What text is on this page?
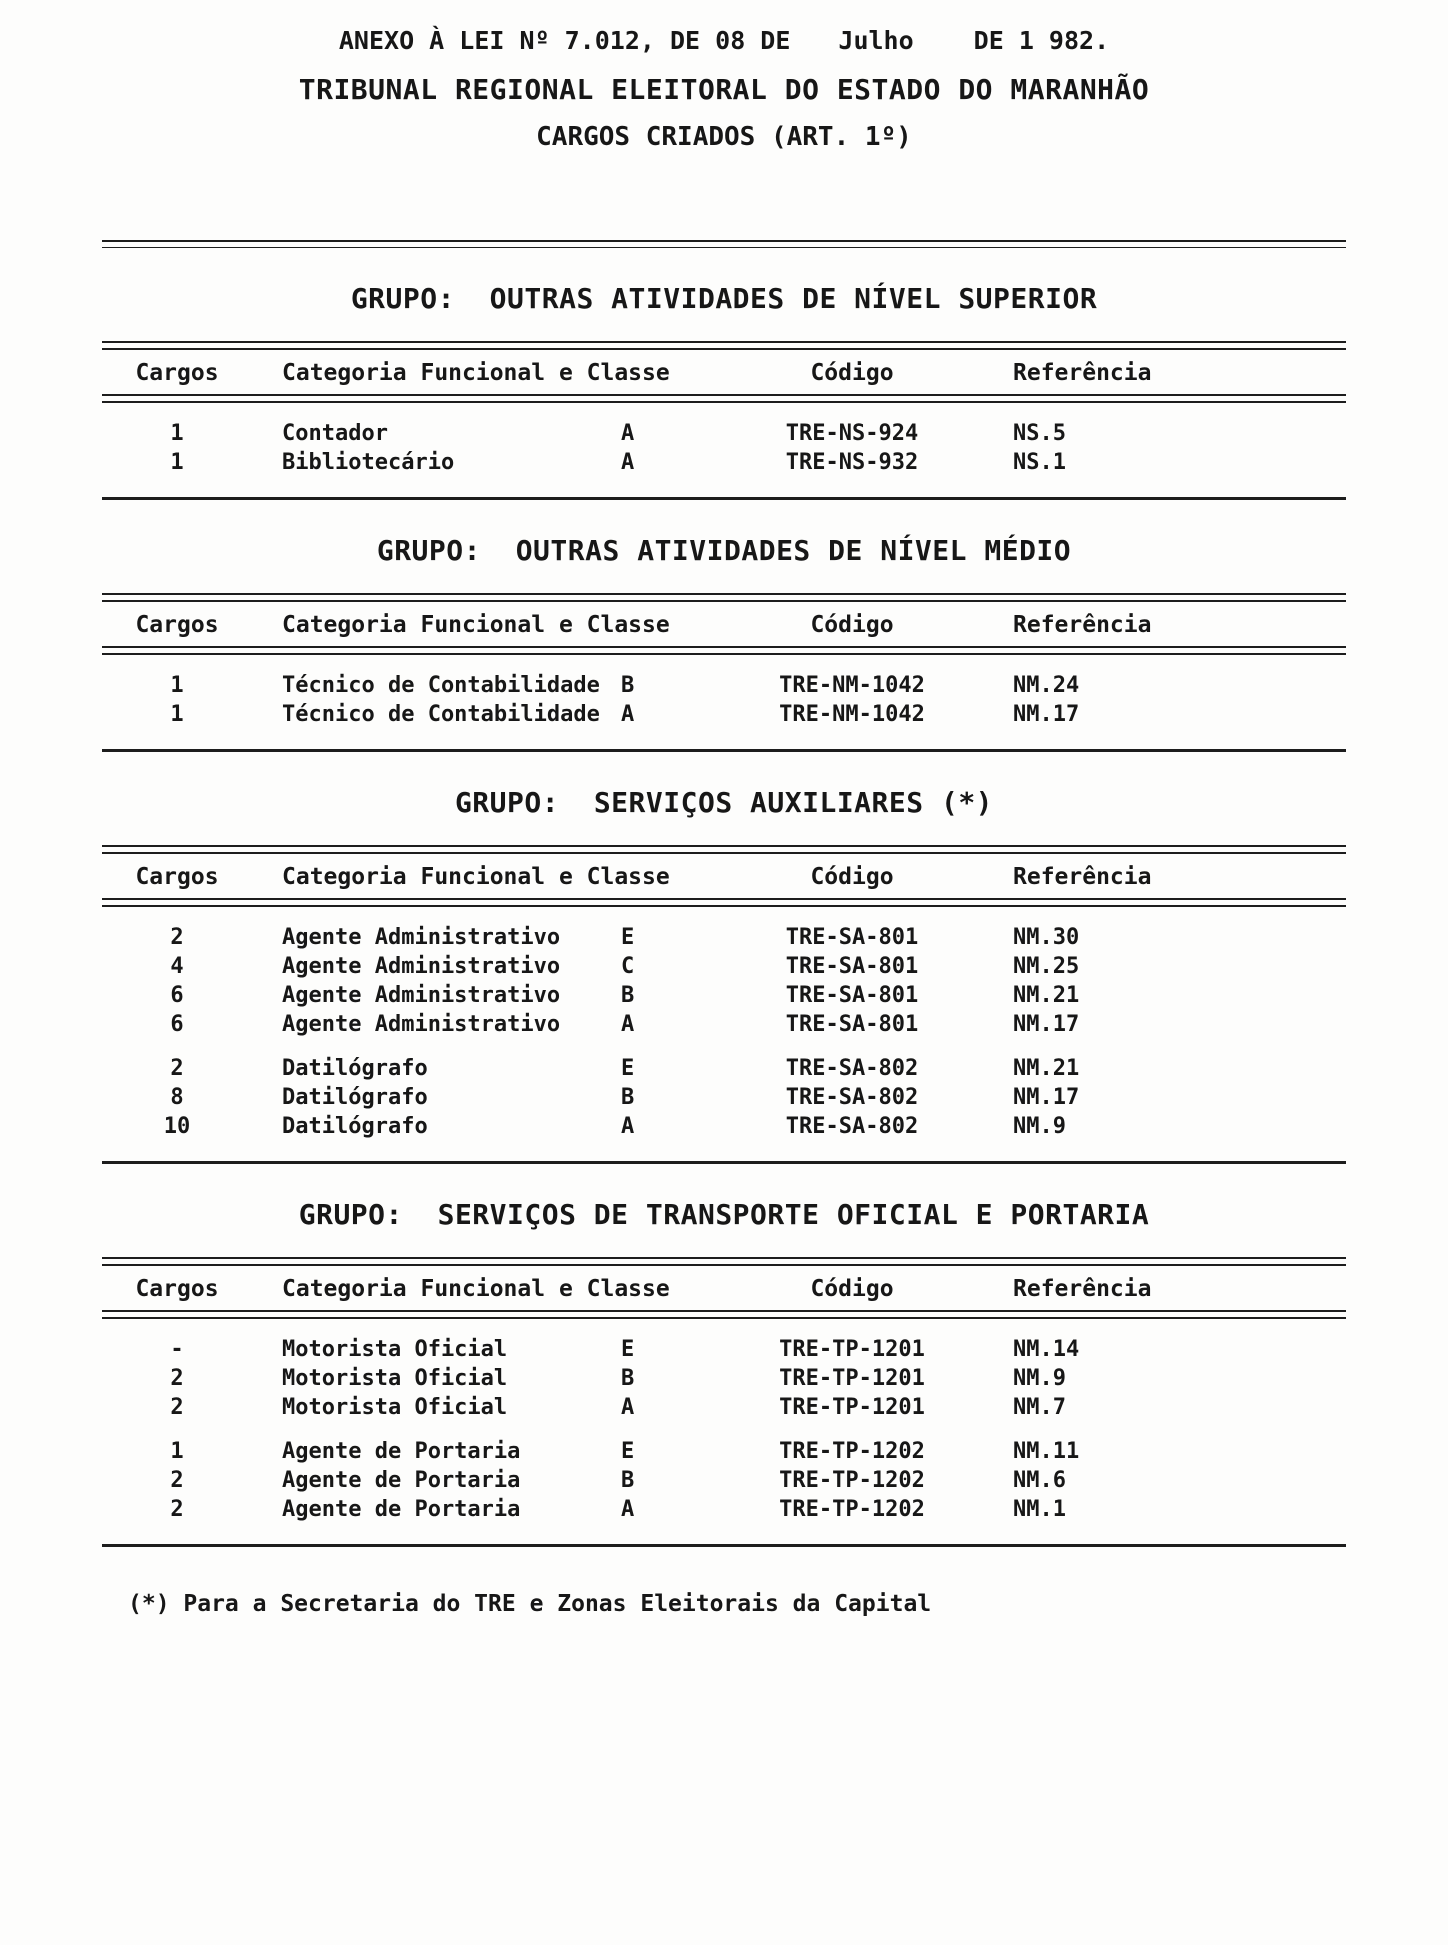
ANEXO À LEI Nº 7.012, DE 08 DE Julho DE 1 982.
TRIBUNAL REGIONAL ELEITORAL DO ESTADO DO MARANHÃO
CARGOS CRIADOS (ART. 1º)
GRUPO:  OUTRAS ATIVIDADES DE NÍVEL SUPERIOR
Cargos	Categoria Funcional e Classe	Código	Referência
1	Contador	A	TRE-NS-924	NS.5
1	Bibliotecário	A	TRE-NS-932	NS.1
GRUPO:  OUTRAS ATIVIDADES DE NÍVEL MÉDIO
Cargos	Categoria Funcional e Classe	Código	Referência
1	Técnico de Contabilidade B	TRE-NM-1042	NM.24
1	Técnico de Contabilidade A	TRE-NM-1042	NM.17
GRUPO:  SERVIÇOS AUXILIARES (*)
Cargos	Categoria Funcional e Classe	Código	Referência
2	Agente Administrativo	E	TRE-SA-801	NM.30
4	Agente Administrativo	C	TRE-SA-801	NM.25
6	Agente Administrativo	B	TRE-SA-801	NM.21
6	Agente Administrativo	A	TRE-SA-801	NM.17
2	Datilógrafo	E	TRE-SA-802	NM.21
8	Datilógrafo	B	TRE-SA-802	NM.17
10	Datilógrafo	A	TRE-SA-802	NM.9
GRUPO:  SERVIÇOS DE TRANSPORTE OFICIAL E PORTARIA
Cargos	Categoria Funcional e Classe	Código	Referência
-	Motorista Oficial	E	TRE-TP-1201	NM.14
2	Motorista Oficial	B	TRE-TP-1201	NM.9
2	Motorista Oficial	A	TRE-TP-1201	NM.7
1	Agente de Portaria	E	TRE-TP-1202	NM.11
2	Agente de Portaria	B	TRE-TP-1202	NM.6
2	Agente de Portaria	A	TRE-TP-1202	NM.1
(*) Para a Secretaria do TRE e Zonas Eleitorais da Capital
